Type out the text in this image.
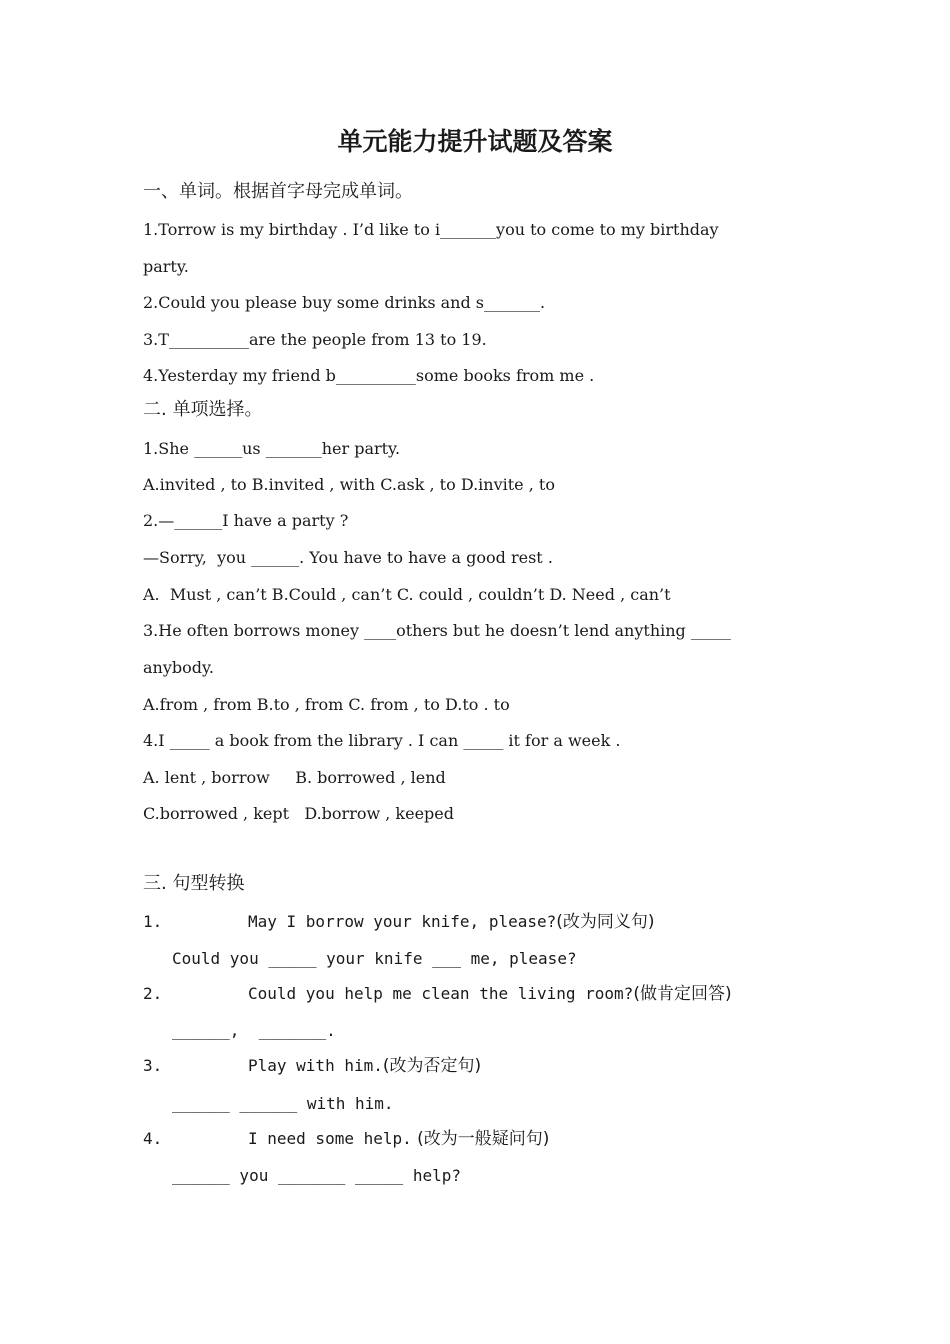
单元能力提升试题及答案
一、单词。根据首字母完成单词。
1.Torrow is my birthday . I’d like to i_______you to come to my birthday
party.
2.Could you please buy some drinks and s_______.
3.T__________are the people from 13 to 19.
4.Yesterday my friend b__________some books from me .
二. 单项选择。
1.She ______us _______her party.
A.invited , to B.invited , with C.ask , to D.invite , to
2.—______I have a party ?
—Sorry,  you ______. You have to have a good rest .
A.  Must , can’t B.Could , can’t C. could , couldn’t D. Need , can’t
3.He often borrows money ____others but he doesn’t lend anything _____
anybody.
A.from , from B.to , from C. from , to D.to . to
4.I _____ a book from the library . I can _____ it for a week .
A. lent , borrow     B. borrowed , lend
C.borrowed , kept   D.borrow , keeped
三. 句型转换
1.	May I borrow your knife, please?(改为同义句)
Could you _____ your knife ___ me, please?
2.	Could you help me clean the living room?(做肯定回答)
______,  _______.
3.	Play with him.(改为否定句)
______ ______ with him.
4.	I need some help. (改为一般疑问句)
______ you _______ _____ help?
